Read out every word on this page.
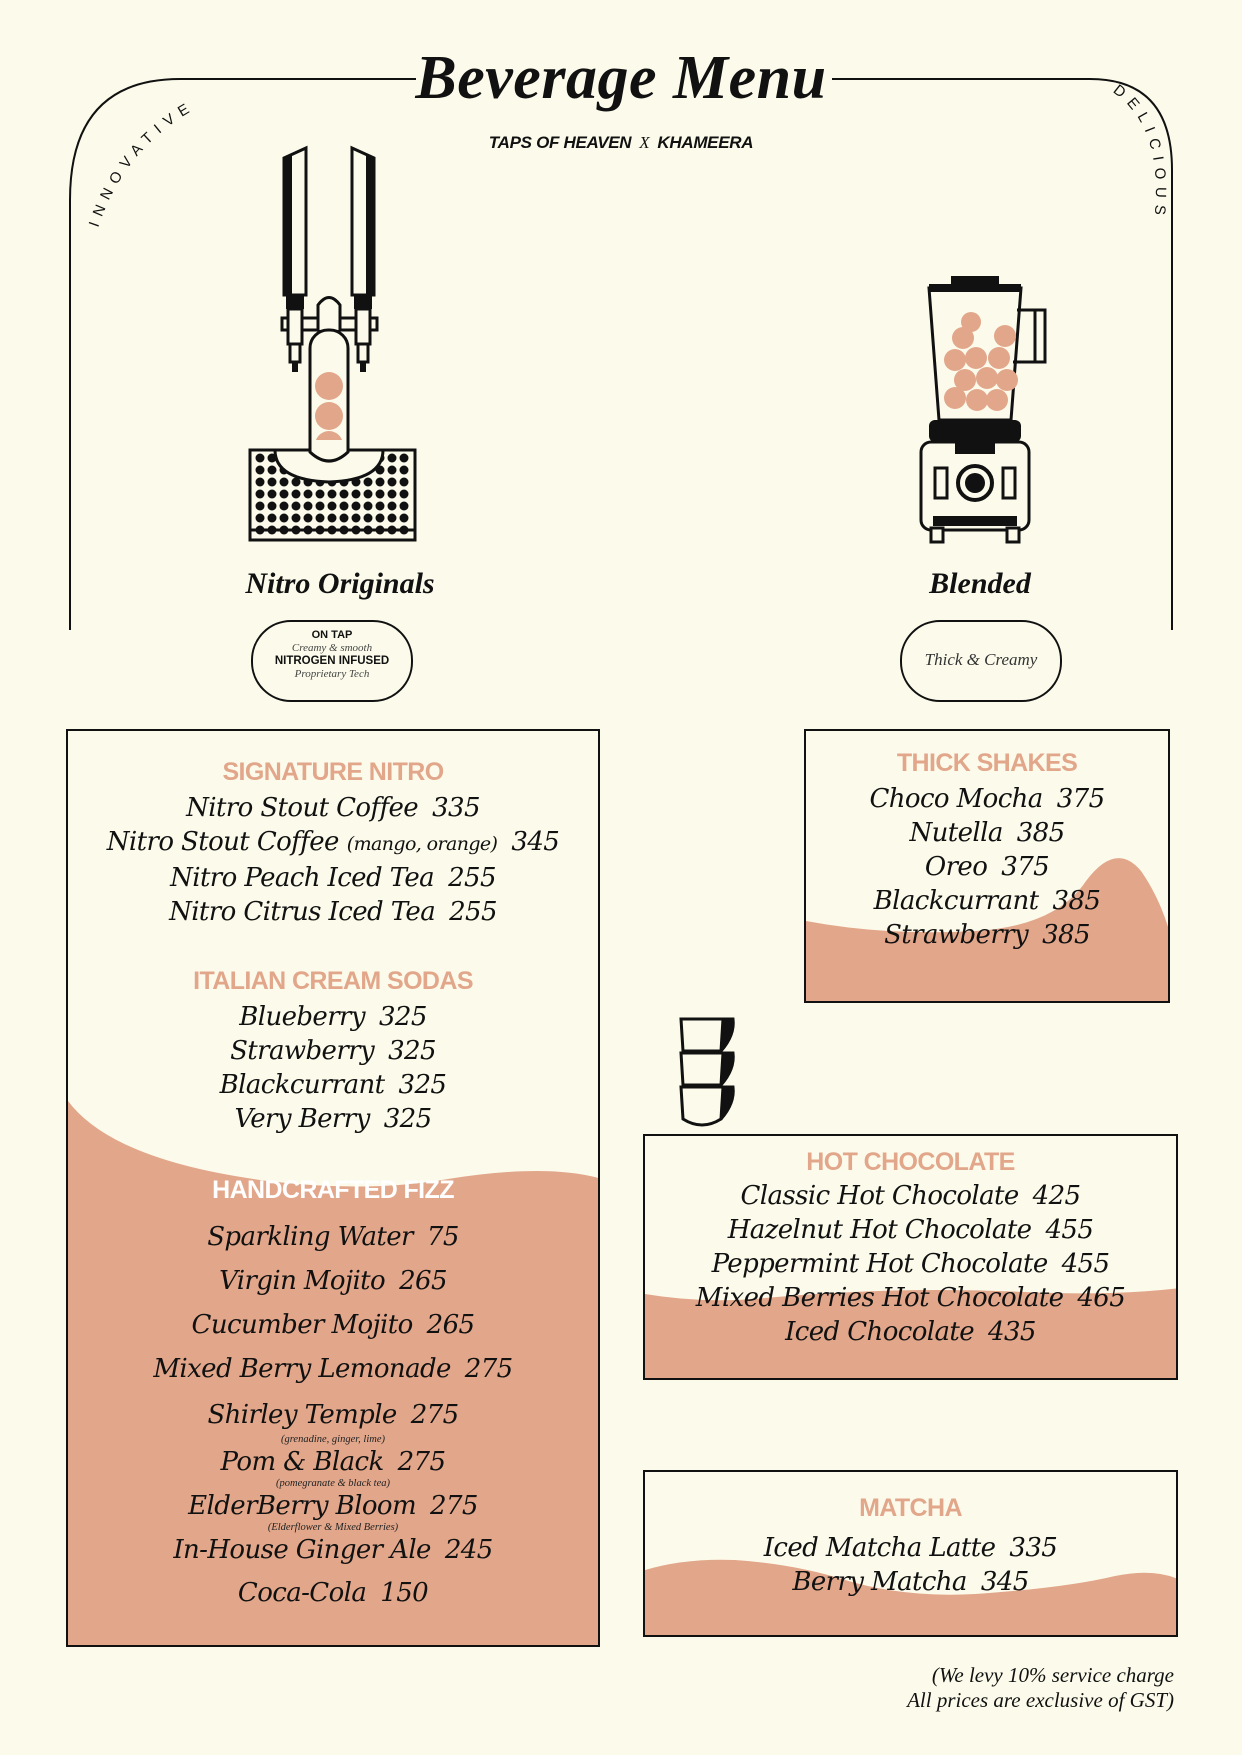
INNOVATIVE
DELICIOUS
Beverage Menu
TAPS OF HEAVEN X KHAMEERA
Nitro Originals
ON TAP
Creamy & smooth
NITROGEN INFUSED
Proprietary Tech
Blended
Thick & Creamy
SIGNATURE NITRO
Nitro Stout Coffee 335
Nitro Stout Coffee (mango, orange) 345
Nitro Peach Iced Tea 255
Nitro Citrus Iced Tea 255
ITALIAN CREAM SODAS
Blueberry 325
Strawberry 325
Blackcurrant 325
Very Berry 325
HANDCRAFTED FIZZ
Sparkling Water 75
Virgin Mojito 265
Cucumber Mojito 265
Mixed Berry Lemonade 275
Shirley Temple 275
(grenadine, ginger, lime)
Pom & Black 275
(pomegranate & black tea)
ElderBerry Bloom 275
(Elderflower & Mixed Berries)
In-House Ginger Ale 245
Coca-Cola 150
THICK SHAKES
Choco Mocha 375
Nutella 385
Oreo 375
Blackcurrant 385
Strawberry 385
HOT CHOCOLATE
Classic Hot Chocolate 425
Hazelnut Hot Chocolate 455
Peppermint Hot Chocolate 455
Mixed Berries Hot Chocolate 465
Iced Chocolate 435
MATCHA
Iced Matcha Latte 335
Berry Matcha 345
(We levy 10% service charge
All prices are exclusive of GST)
